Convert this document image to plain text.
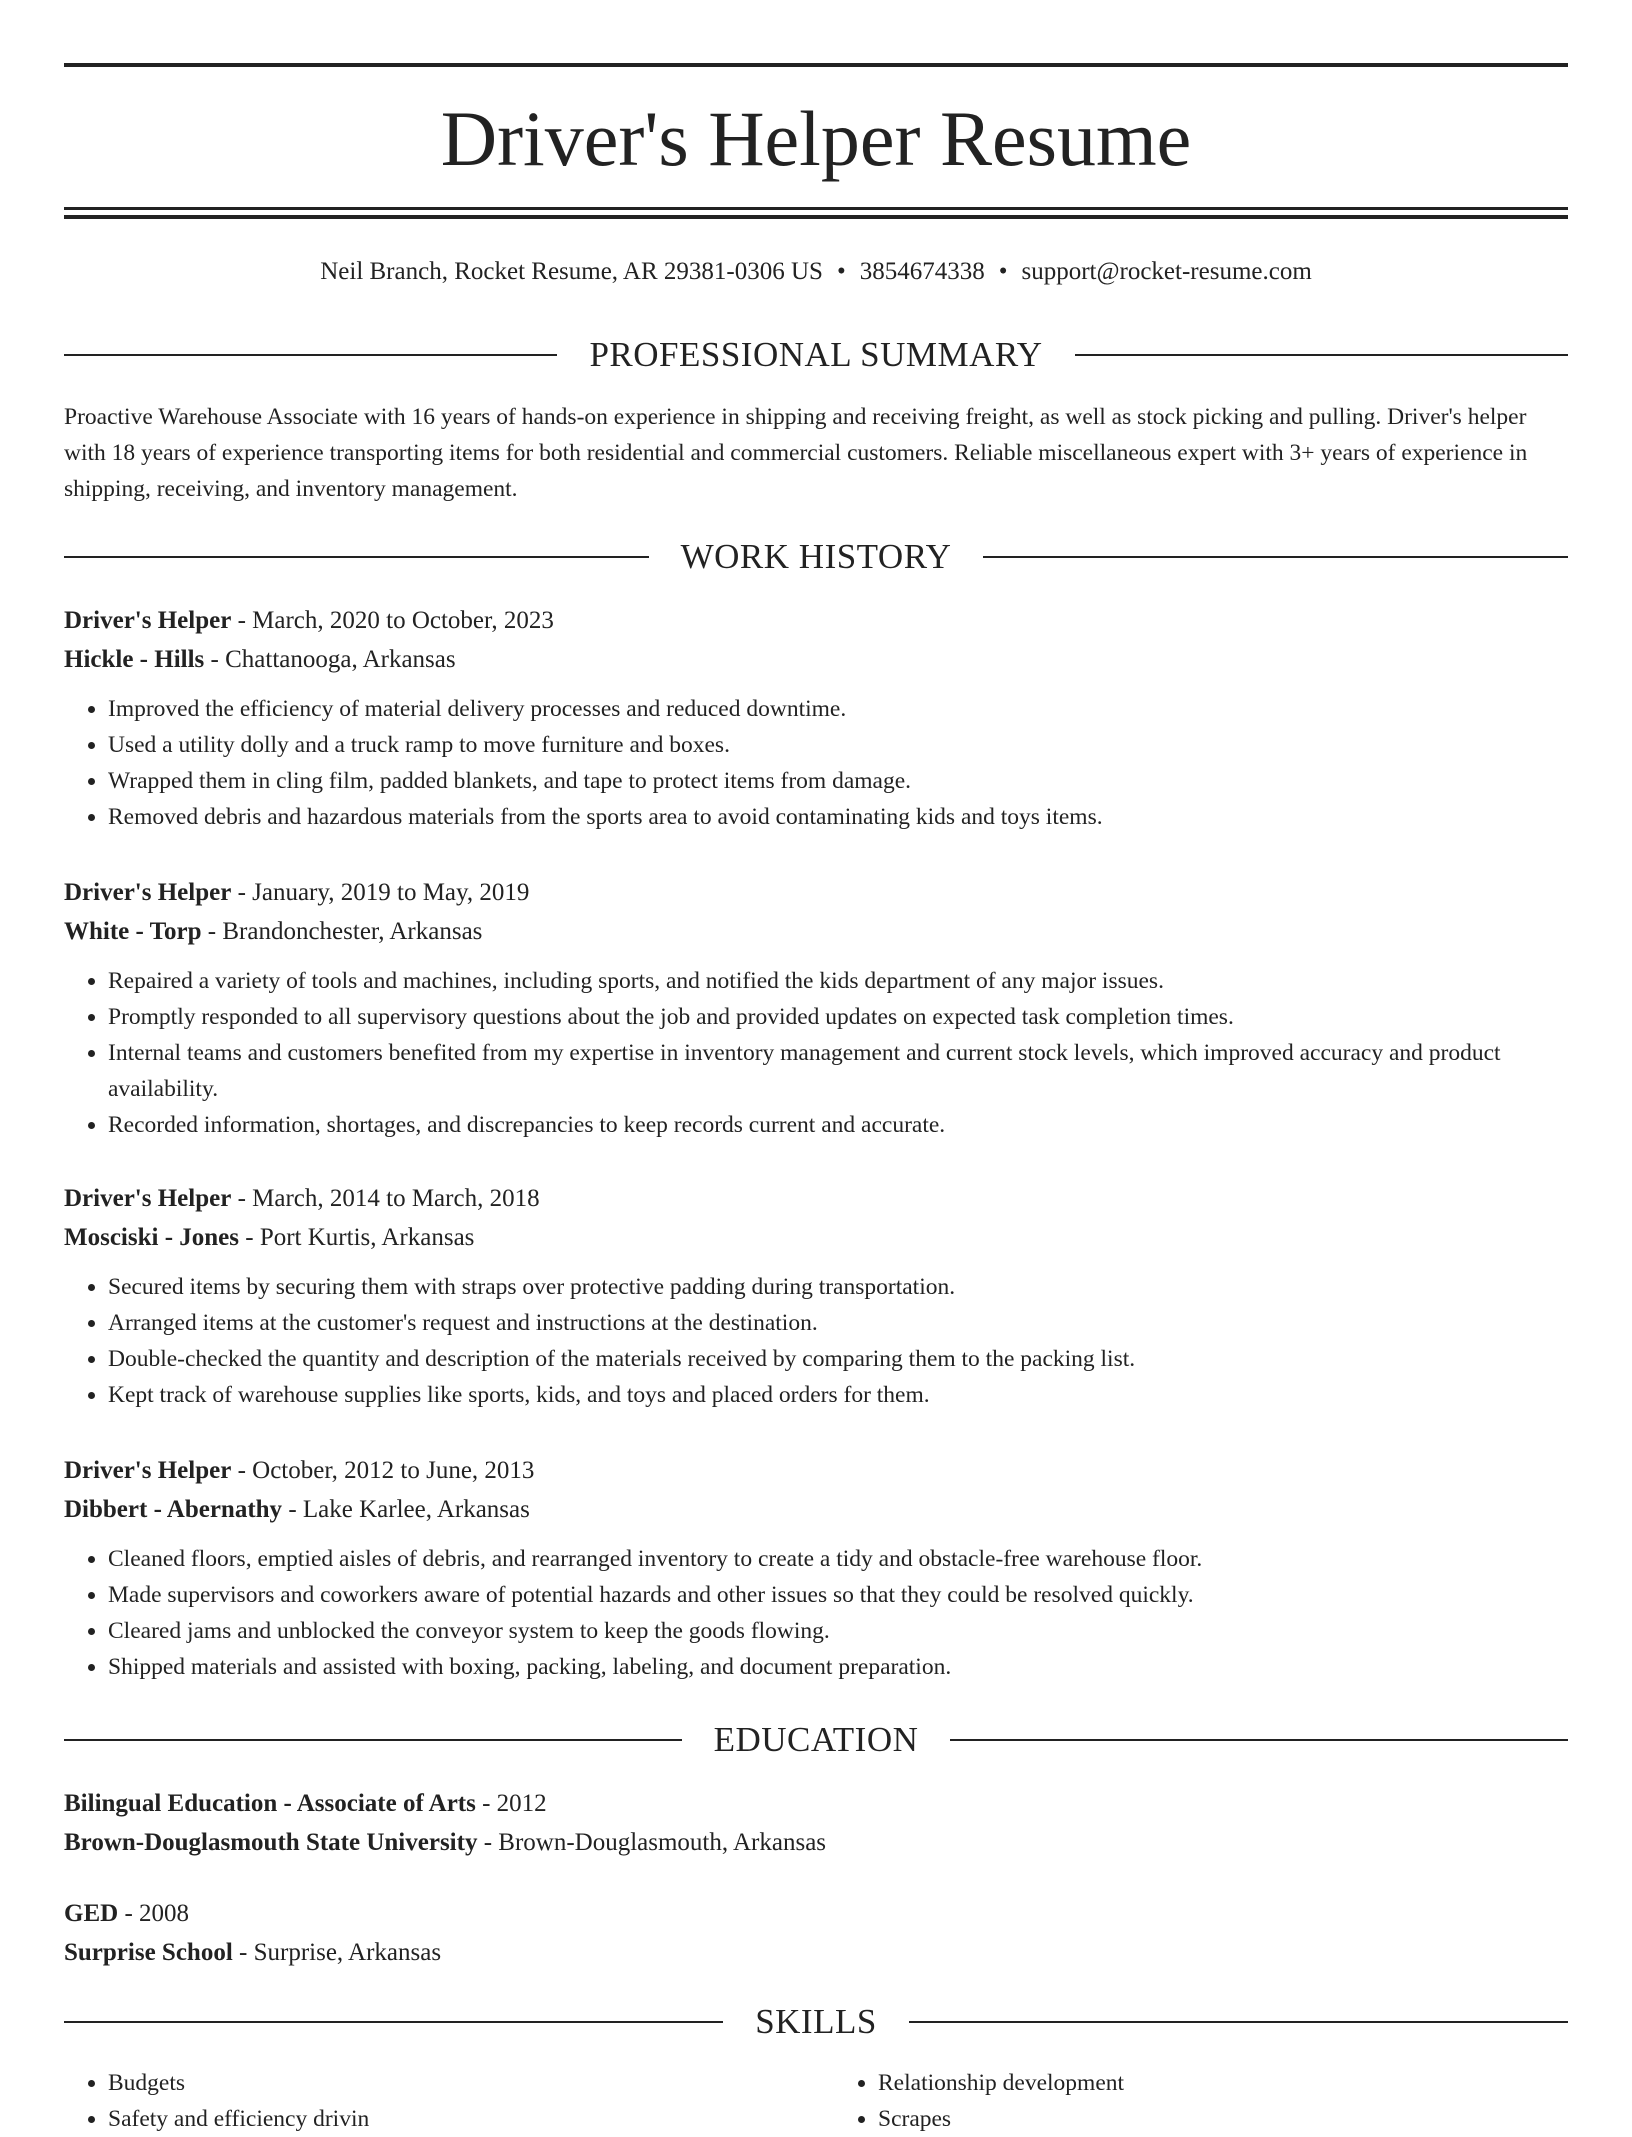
Driver's Helper Resume
Neil Branch, Rocket Resume, AR 29381-0306 US • 3854674338 • support@rocket-resume.com
PROFESSIONAL SUMMARY

Proactive Warehouse Associate with 16 years of hands-on experience in shipping and receiving freight, as well as stock picking and pulling. Driver's helper with 18 years of experience transporting items for both residential and commercial customers. Reliable miscellaneous expert with 3+ years of experience in shipping, receiving, and inventory management.

WORK HISTORY
Driver's Helper - March, 2020 to October, 2023
Hickle - Hills - Chattanooga, Arkansas
• Improved the efficiency of material delivery processes and reduced downtime.
• Used a utility dolly and a truck ramp to move furniture and boxes.
• Wrapped them in cling film, padded blankets, and tape to protect items from damage.
• Removed debris and hazardous materials from the sports area to avoid contaminating kids and toys items.
Driver's Helper - January, 2019 to May, 2019
White - Torp - Brandonchester, Arkansas
• Repaired a variety of tools and machines, including sports, and notified the kids department of any major issues.
• Promptly responded to all supervisory questions about the job and provided updates on expected task completion times.
• Internal teams and customers benefited from my expertise in inventory management and current stock levels, which improved accuracy and product availability.
• Recorded information, shortages, and discrepancies to keep records current and accurate.
Driver's Helper - March, 2014 to March, 2018
Mosciski - Jones - Port Kurtis, Arkansas
• Secured items by securing them with straps over protective padding during transportation.
• Arranged items at the customer's request and instructions at the destination.
• Double-checked the quantity and description of the materials received by comparing them to the packing list.
• Kept track of warehouse supplies like sports, kids, and toys and placed orders for them.
Driver's Helper - October, 2012 to June, 2013
Dibbert - Abernathy - Lake Karlee, Arkansas
• Cleaned floors, emptied aisles of debris, and rearranged inventory to create a tidy and obstacle-free warehouse floor.
• Made supervisors and coworkers aware of potential hazards and other issues so that they could be resolved quickly.
• Cleared jams and unblocked the conveyor system to keep the goods flowing.
• Shipped materials and assisted with boxing, packing, labeling, and document preparation.
EDUCATION
Bilingual Education - Associate of Arts - 2012
Brown-Douglasmouth State University - Brown-Douglasmouth, Arkansas
GED - 2008
Surprise School - Surprise, Arkansas
SKILLS
• Budgets
• Safety and efficiency drivin
• Relationship development
• Scrapes
